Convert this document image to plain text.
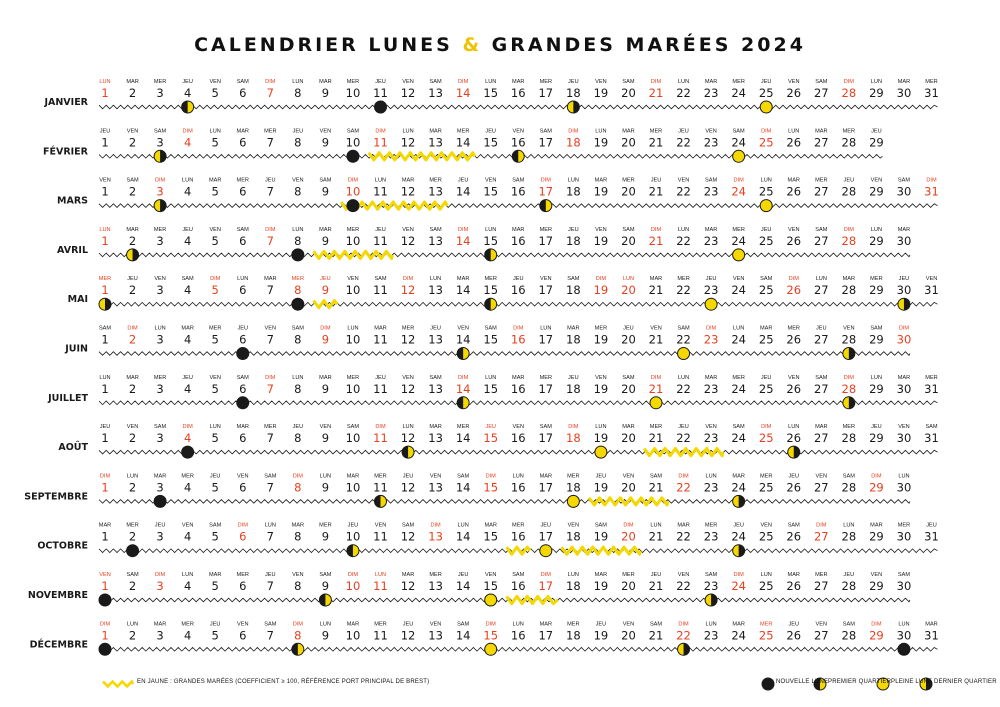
CALENDRIER LUNES & GRANDES MARÉES 2024
JANVIER
LUN
1
MAR
2
MER
3
JEU
4
VEN
5
SAM
6
DIM
7
LUN
8
MAR
9
MER
10
JEU
11
VEN
12
SAM
13
DIM
14
LUN
15
MAR
16
MER
17
JEU
18
VEN
19
SAM
20
DIM
21
LUN
22
MAR
23
MER
24
JEU
25
VEN
26
SAM
27
DIM
28
LUN
29
MAR
30
MER
31
FÉVRIER
JEU
1
VEN
2
SAM
3
DIM
4
LUN
5
MAR
6
MER
7
JEU
8
VEN
9
SAM
10
DIM
11
LUN
12
MAR
13
MER
14
JEU
15
VEN
16
SAM
17
DIM
18
LUN
19
MAR
20
MER
21
JEU
22
VEN
23
SAM
24
DIM
25
LUN
26
MAR
27
MER
28
JEU
29
MARS
VEN
1
SAM
2
DIM
3
LUN
4
MAR
5
MER
6
JEU
7
VEN
8
SAM
9
DIM
10
LUN
11
MAR
12
MER
13
JEU
14
VEN
15
SAM
16
DIM
17
LUN
18
MAR
19
MER
20
JEU
21
VEN
22
SAM
23
DIM
24
LUN
25
MAR
26
MER
27
JEU
28
VEN
29
SAM
30
DIM
31
AVRIL
LUN
1
MAR
2
MER
3
JEU
4
VEN
5
SAM
6
DIM
7
LUN
8
MAR
9
MER
10
JEU
11
VEN
12
SAM
13
DIM
14
LUN
15
MAR
16
MER
17
JEU
18
VEN
19
SAM
20
DIM
21
LUN
22
MAR
23
MER
24
JEU
25
VEN
26
SAM
27
DIM
28
LUN
29
MAR
30
MAI
MER
1
JEU
2
VEN
3
SAM
4
DIM
5
LUN
6
MAR
7
MER
8
JEU
9
VEN
10
SAM
11
DIM
12
LUN
13
MAR
14
MER
15
JEU
16
VEN
17
SAM
18
DIM
19
LUN
20
MAR
21
MER
22
JEU
23
VEN
24
SAM
25
DIM
26
LUN
27
MAR
28
MER
29
JEU
30
VEN
31
JUIN
SAM
1
DIM
2
LUN
3
MAR
4
MER
5
JEU
6
VEN
7
SAM
8
DIM
9
LUN
10
MAR
11
MER
12
JEU
13
VEN
14
SAM
15
DIM
16
LUN
17
MAR
18
MER
19
JEU
20
VEN
21
SAM
22
DIM
23
LUN
24
MAR
25
MER
26
JEU
27
VEN
28
SAM
29
DIM
30
JUILLET
LUN
1
MAR
2
MER
3
JEU
4
VEN
5
SAM
6
DIM
7
LUN
8
MAR
9
MER
10
JEU
11
VEN
12
SAM
13
DIM
14
LUN
15
MAR
16
MER
17
JEU
18
VEN
19
SAM
20
DIM
21
LUN
22
MAR
23
MER
24
JEU
25
VEN
26
SAM
27
DIM
28
LUN
29
MAR
30
MER
31
AOÛT
JEU
1
VEN
2
SAM
3
DIM
4
LUN
5
MAR
6
MER
7
JEU
8
VEN
9
SAM
10
DIM
11
LUN
12
MAR
13
MER
14
JEU
15
VEN
16
SAM
17
DIM
18
LUN
19
MAR
20
MER
21
JEU
22
VEN
23
SAM
24
DIM
25
LUN
26
MAR
27
MER
28
JEU
29
VEN
30
SAM
31
SEPTEMBRE
DIM
1
LUN
2
MAR
3
MER
4
JEU
5
VEN
6
SAM
7
DIM
8
LUN
9
MAR
10
MER
11
JEU
12
VEN
13
SAM
14
DIM
15
LUN
16
MAR
17
MER
18
JEU
19
VEN
20
SAM
21
DIM
22
LUN
23
MAR
24
MER
25
JEU
26
VEN
27
SAM
28
DIM
29
LUN
30
OCTOBRE
MAR
1
MER
2
JEU
3
VEN
4
SAM
5
DIM
6
LUN
7
MAR
8
MER
9
JEU
10
VEN
11
SAM
12
DIM
13
LUN
14
MAR
15
MER
16
JEU
17
VEN
18
SAM
19
DIM
20
LUN
21
MAR
22
MER
23
JEU
24
VEN
25
SAM
26
DIM
27
LUN
28
MAR
29
MER
30
JEU
31
NOVEMBRE
VEN
1
SAM
2
DIM
3
LUN
4
MAR
5
MER
6
JEU
7
VEN
8
SAM
9
DIM
10
LUN
11
MAR
12
MER
13
JEU
14
VEN
15
SAM
16
DIM
17
LUN
18
MAR
19
MER
20
JEU
21
VEN
22
SAM
23
DIM
24
LUN
25
MAR
26
MER
27
JEU
28
VEN
29
SAM
30
DÉCEMBRE
DIM
1
LUN
2
MAR
3
MER
4
JEU
5
VEN
6
SAM
7
DIM
8
LUN
9
MAR
10
MER
11
JEU
12
VEN
13
SAM
14
DIM
15
LUN
16
MAR
17
MER
18
JEU
19
VEN
20
SAM
21
DIM
22
LUN
23
MAR
24
MER
25
JEU
26
VEN
27
SAM
28
DIM
29
LUN
30
MAR
31
EN JAUNE : GRANDES MARÉES (COEFFICIENT ≥ 100, RÉFÉRENCE PORT PRINCIPAL DE BREST)	NOUVELLE LUNE PREMIER QUARTIER PLEINE LUNE DERNIER QUARTIER
